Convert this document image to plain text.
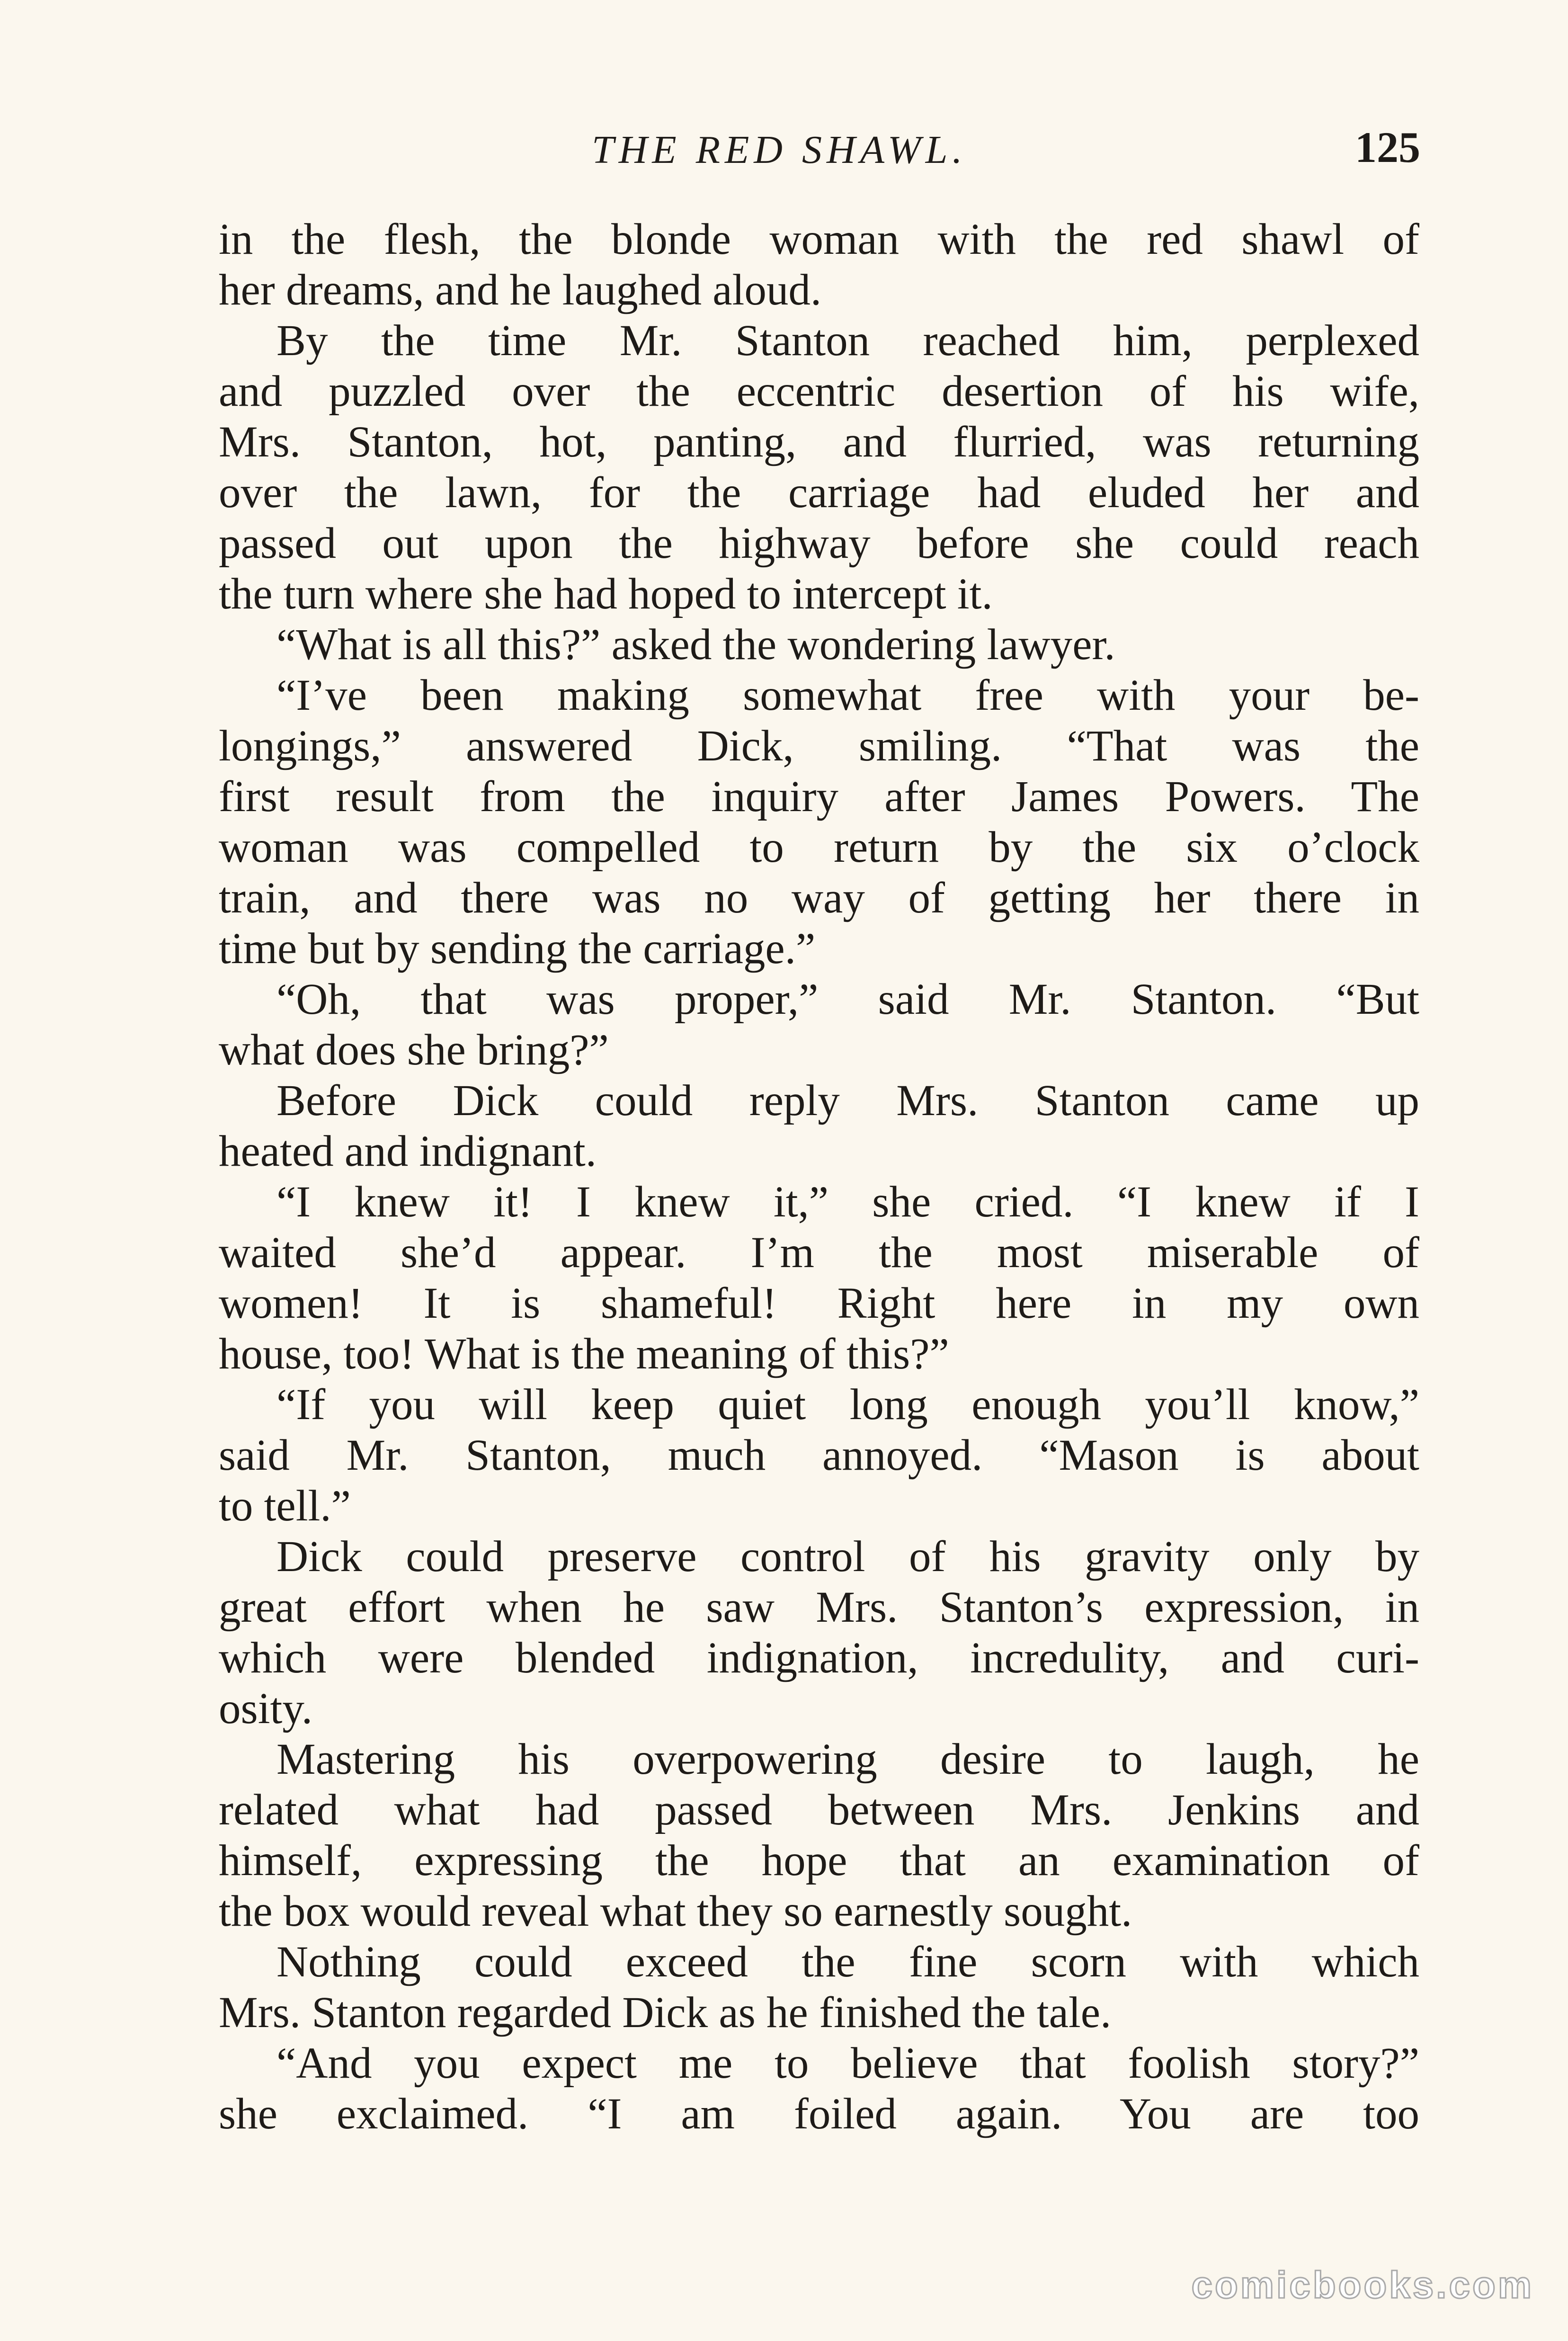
THE RED SHAWL.	125
in the flesh, the blonde woman with the red shawl of
her dreams, and he laughed aloud.
By the time Mr. Stanton reached him, perplexed
and puzzled over the eccentric desertion of his wife,
Mrs. Stanton, hot, panting, and flurried, was returning
over the lawn, for the carriage had eluded her and
passed out upon the highway before she could reach
the turn where she had hoped to intercept it.
“What is all this?” asked the wondering lawyer.
“I’ve been making somewhat free with your be-
longings,” answered Dick, smiling. “That was the
first result from the inquiry after James Powers. The
woman was compelled to return by the six o’clock
train, and there was no way of getting her there in
time but by sending the carriage.”
“Oh, that was proper,” said Mr. Stanton. “But
what does she bring?”
Before Dick could reply Mrs. Stanton came up
heated and indignant.
“I knew it! I knew it,” she cried. “I knew if I
waited she’d appear. I’m the most miserable of
women! It is shameful! Right here in my own
house, too! What is the meaning of this?”
“If you will keep quiet long enough you’ll know,”
said Mr. Stanton, much annoyed. “Mason is about
to tell.”
Dick could preserve control of his gravity only by
great effort when he saw Mrs. Stanton’s expression, in
which were blended indignation, incredulity, and curi-
osity.
Mastering his overpowering desire to laugh, he
related what had passed between Mrs. Jenkins and
himself, expressing the hope that an examination of
the box would reveal what they so earnestly sought.
Nothing could exceed the fine scorn with which
Mrs. Stanton regarded Dick as he finished the tale.
“And you expect me to believe that foolish story?”
she exclaimed. “I am foiled again. You are too
comicbooks.com
